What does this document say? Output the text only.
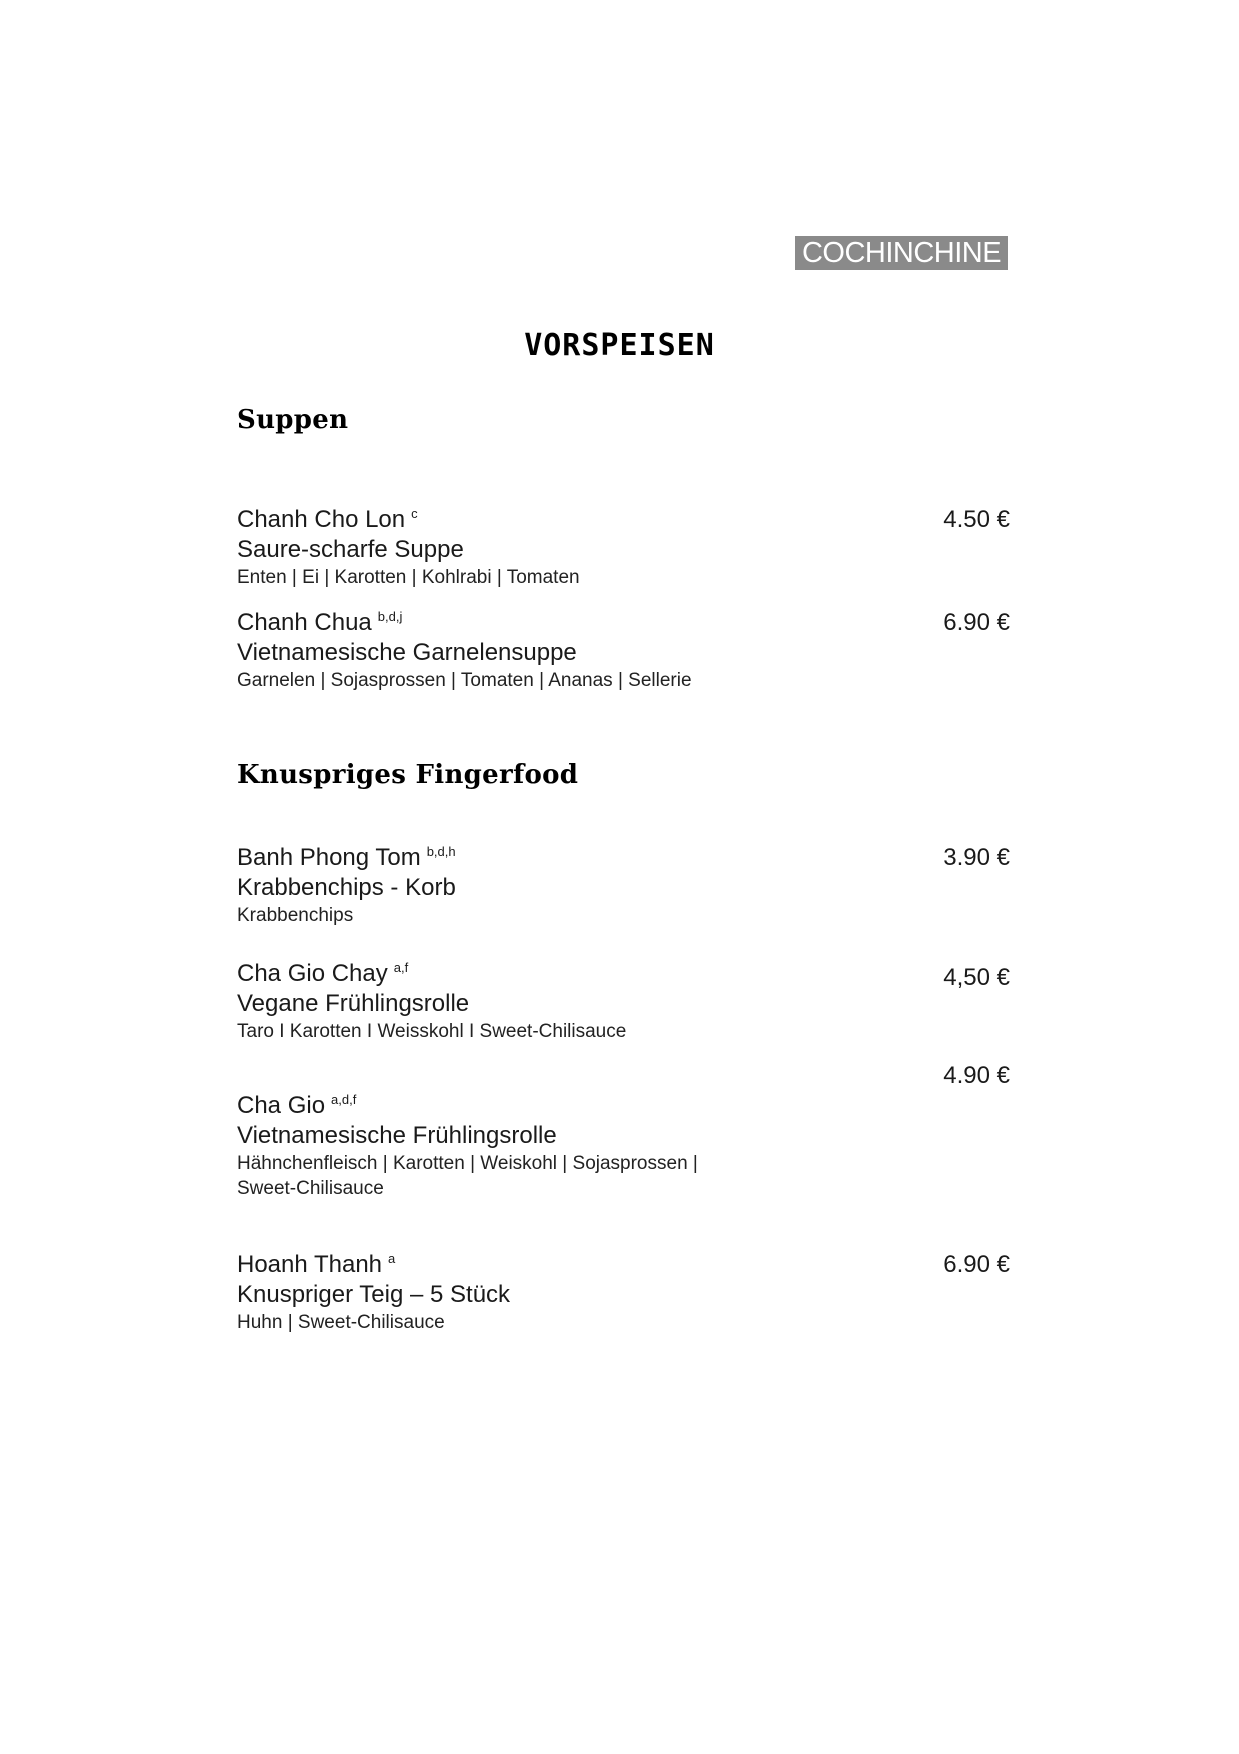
COCHINCHINE
VORSPEISEN
Suppen
Chanh Cho Lon $^c$
Saure-scharfe Suppe
Enten | Ei | Karotten | Kohlrabi | Tomaten
4.50 €
Chanh Chua $^{b,d,j}$
Vietnamesische Garnelensuppe
Garnelen | Sojasprossen | Tomaten | Ananas | Sellerie
6.90 €
Knuspriges Fingerfood
Banh Phong Tom $^{b,d,h}$
Krabbenchips - Korb
Krabbenchips
3.90 €
Cha Gio Chay $^{a,f}$
Vegane Frühlingsrolle
Taro I Karotten I Weisskohl I Sweet-Chilisauce
4,50 €
4.90 €
Cha Gio $^{a,d,f}$
Vietnamesische Frühlingsrolle
Hähnchenfleisch | Karotten | Weiskohl | Sojasprossen | Sweet-Chilisauce
Hoanh Thanh $^a$
Knuspriger Teig – 5 Stück
Huhn | Sweet-Chilisauce
6.90 €
